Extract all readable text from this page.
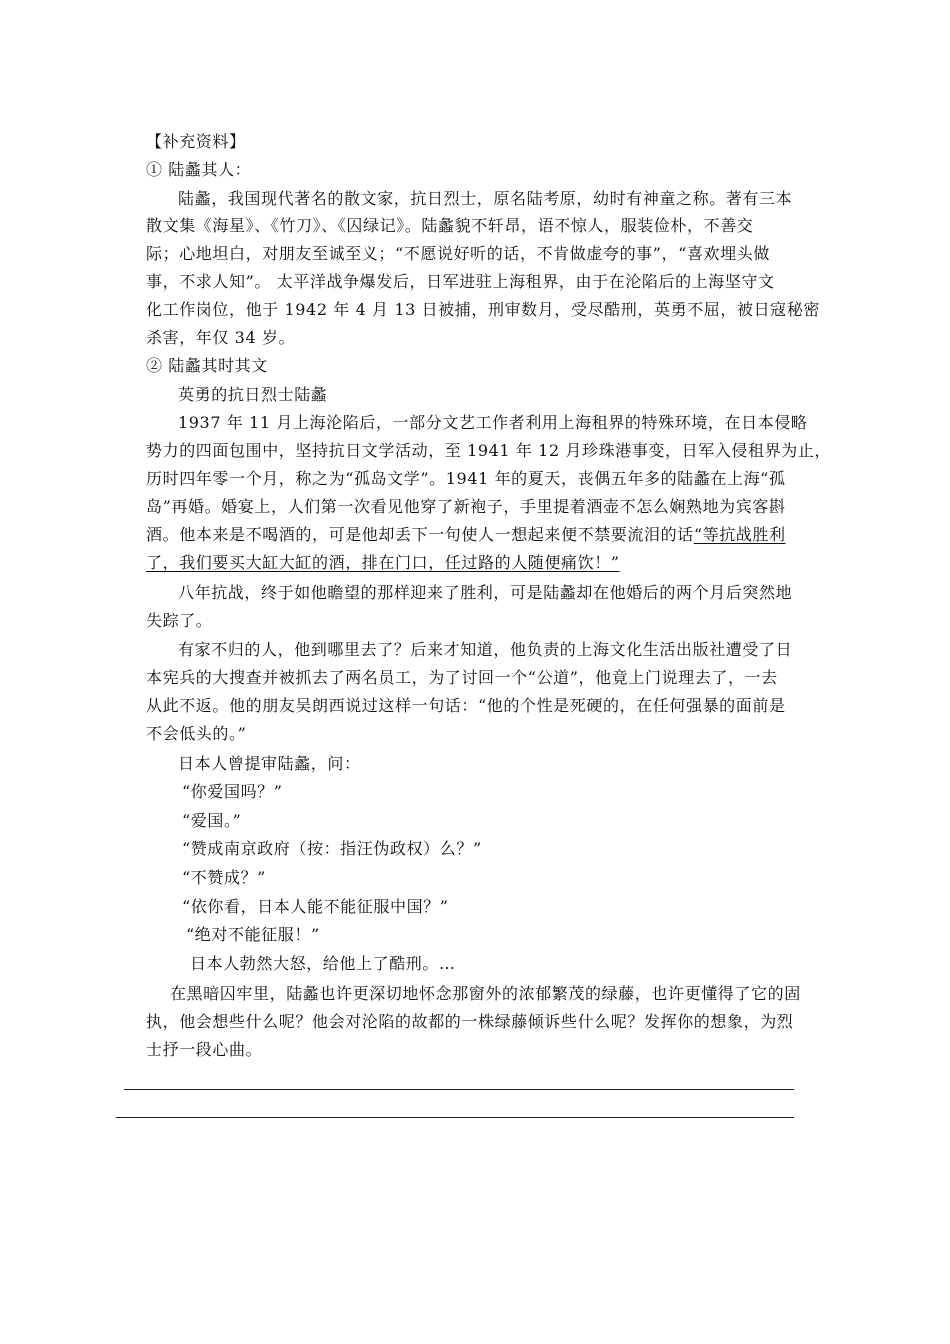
【补充资料】
① 陆蠡其人：
陆蠡，我国现代著名的散文家，抗日烈士，原名陆考原，幼时有神童之称。著有三本
散文集《海星》、《竹刀》、《囚绿记》。陆蠡貌不轩昂，语不惊人，服装俭朴，不善交
际；心地坦白，对朋友至诚至义；“不愿说好听的话，不肯做虚夸的事”，“喜欢埋头做
事，不求人知”。 太平洋战争爆发后，日军进驻上海租界，由于在沦陷后的上海坚守文
化工作岗位，他于 1942 年 4 月 13 日被捕，刑审数月，受尽酷刑，英勇不屈，被日寇秘密
杀害，年仅 34 岁。
② 陆蠡其时其文
英勇的抗日烈士陆蠡
1937 年 11 月上海沦陷后，一部分文艺工作者利用上海租界的特殊环境，在日本侵略
势力的四面包围中，坚持抗日文学活动，至 1941 年 12 月珍珠港事变，日军入侵租界为止，
历时四年零一个月，称之为“孤岛文学”。1941 年的夏天，丧偶五年多的陆蠡在上海“孤
岛”再婚。婚宴上，人们第一次看见他穿了新袍子，手里提着酒壶不怎么娴熟地为宾客斟
酒。他本来是不喝酒的，可是他却丢下一句使人一想起来便不禁要流泪的话“等抗战胜利
了，我们要买大缸大缸的酒，排在门口，任过路的人随便痛饮！”
八年抗战，终于如他瞻望的那样迎来了胜利，可是陆蠡却在他婚后的两个月后突然地
失踪了。
有家不归的人，他到哪里去了？后来才知道，他负责的上海文化生活出版社遭受了日
本宪兵的大搜查并被抓去了两名员工，为了讨回一个“公道”，他竟上门说理去了，一去
从此不返。他的朋友吴朗西说过这样一句话：“他的个性是死硬的，在任何强暴的面前是
不会低头的。”
日本人曾提审陆蠡，问：
“你爱国吗？”
“爱国。”
“赞成南京政府（按：指汪伪政权）么？”
“不赞成？”
“依你看，日本人能不能征服中国？”
“绝对不能征服！”
日本人勃然大怒，给他上了酷刑。…
在黑暗囚牢里，陆蠡也许更深切地怀念那窗外的浓郁繁茂的绿藤，也许更懂得了它的固
执，他会想些什么呢？他会对沦陷的故都的一株绿藤倾诉些什么呢？发挥你的想象，为烈
士抒一段心曲。
